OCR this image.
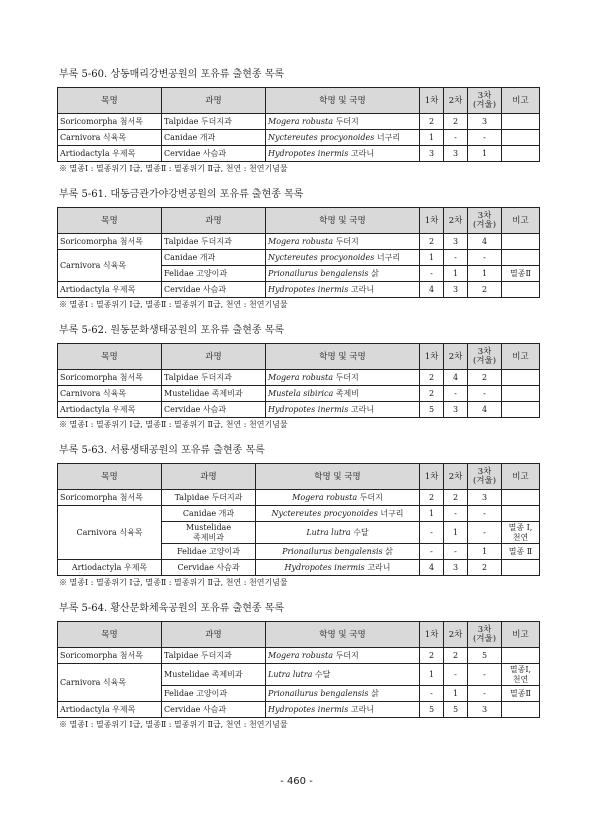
부록 5-60. 상동매리강변공원의 포유류 출현종 목록
목명	과명	학명 및 국명	1차	2차	3차
(겨울)	비고
Soricomorpha 첨서목	Talpidae 두더지과	Mogera robusta 두더지	2	2	3	
Carnivora 식육목	Canidae 개과	Nyctereutes procyonoides 너구리	1	-	-	
Artiodactyla 우제목	Cervidae 사슴과	Hydropotes inermis 고라니	3	3	1	
※ 멸종Ⅰ : 멸종위기 Ⅰ급, 멸종Ⅱ : 멸종위기 Ⅱ급, 천연 : 천연기념물
부록 5-61. 대동금관가야강변공원의 포유류 출현종 목록
목명	과명	학명 및 국명	1차	2차	3차
(겨울)	비고
Soricomorpha 첨서목	Talpidae 두더지과	Mogera robusta 두더지	2	3	4	
Carnivora 식육목	Canidae 개과	Nyctereutes procyonoides 너구리	1	-	-	
	Felidae 고양이과	Prionailurus bengalensis 삵	-	1	1	멸종Ⅱ
Artiodactyla 우제목	Cervidae 사슴과	Hydropotes inermis 고라니	4	3	2	
※ 멸종Ⅰ : 멸종위기 Ⅰ급, 멸종Ⅱ : 멸종위기 Ⅱ급, 천연 : 천연기념물
부록 5-62. 원동문화생태공원의 포유류 출현종 목록
목명	과명	학명 및 국명	1차	2차	3차
(겨울)	비고
Soricomorpha 첨서목	Talpidae 두더지과	Mogera robusta 두더지	2	4	2	
Carnivora 식육목	Mustelidae 족제비과	Mustela sibirica 족제비	2	-	-	
Artiodactyla 우제목	Cervidae 사슴과	Hydropotes inermis 고라니	5	3	4	
※ 멸종Ⅰ : 멸종위기 Ⅰ급, 멸종Ⅱ : 멸종위기 Ⅱ급, 천연 : 천연기념물
부록 5-63. 서룡생태공원의 포유류 출현종 목록
목명	과명	학명 및 국명	1차	2차	3차
(겨울)	비고
Soricomorpha 첨서목	Talpidae 두더지과	Mogera robusta 두더지	2	2	3	
Carnivora 식육목	Canidae 개과	Nyctereutes procyonoides 너구리	1	-	-	
	Mustelidae
족제비과	Lutra lutra 수달	-	1	-	멸종 Ⅰ,
천연
	Felidae 고양이과	Prionailurus bengalensis 삵	-	-	1	멸종 Ⅱ
Artiodactyla 우제목	Cervidae 사슴과	Hydropotes inermis 고라니	4	3	2	
※ 멸종Ⅰ : 멸종위기 Ⅰ급, 멸종Ⅱ : 멸종위기 Ⅱ급, 천연 : 천연기념물
부록 5-64. 황산문화체육공원의 포유류 출현종 목록
목명	과명	학명 및 국명	1차	2차	3차
(겨울)	비고
Soricomorpha 첨서목	Talpidae 두더지과	Mogera robusta 두더지	2	2	5	
Carnivora 식육목	Mustelidae 족제비과	Lutra lutra 수달	1	-	-	멸종Ⅰ,
천연
	Felidae 고양이과	Prionailurus bengalensis 삵	-	1	-	멸종Ⅱ
Artiodactyla 우제목	Cervidae 사슴과	Hydropotes inermis 고라니	5	5	3	
※ 멸종Ⅰ : 멸종위기 Ⅰ급, 멸종Ⅱ : 멸종위기 Ⅱ급, 천연 : 천연기념물
- 460 -
